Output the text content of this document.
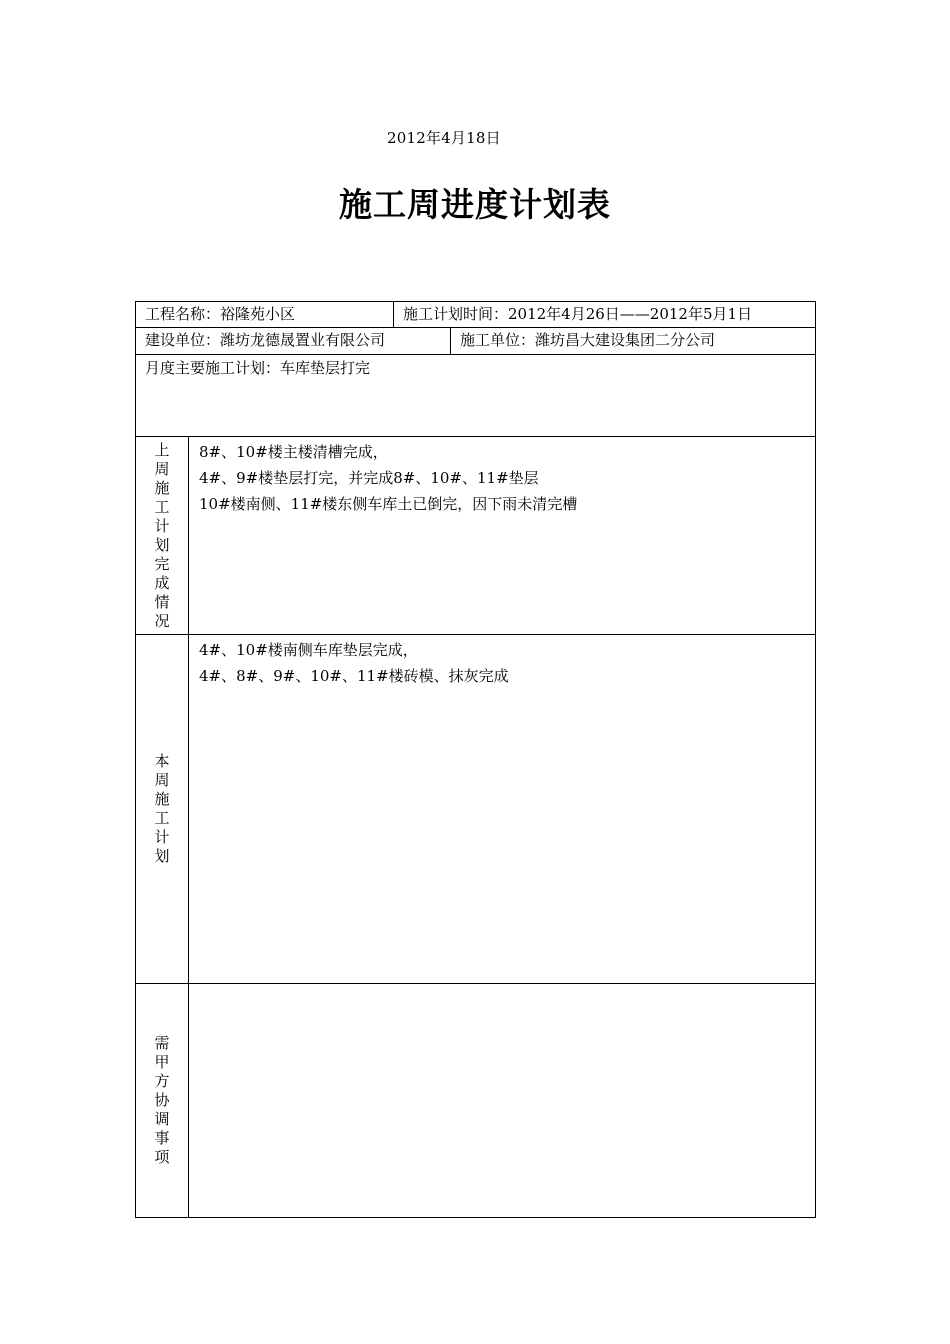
2012年4月18日
施工周进度计划表
工程名称：裕隆苑小区	施工计划时间：2012年4月26日——2012年5月1日
建设单位：潍坊龙德晟置业有限公司	施工单位：潍坊昌大建设集团二分公司
月度主要施工计划：车库垫层打完
上周施工计划完成情况
8#、10#楼主楼清槽完成，
4#、9#楼垫层打完，并完成8#、10#、11#垫层
10#楼南侧、11#楼东侧车库土已倒完，因下雨未清完槽
本周施工计划
4#、10#楼南侧车库垫层完成，
4#、8#、9#、10#、11#楼砖模、抹灰完成
需甲方协调事项
